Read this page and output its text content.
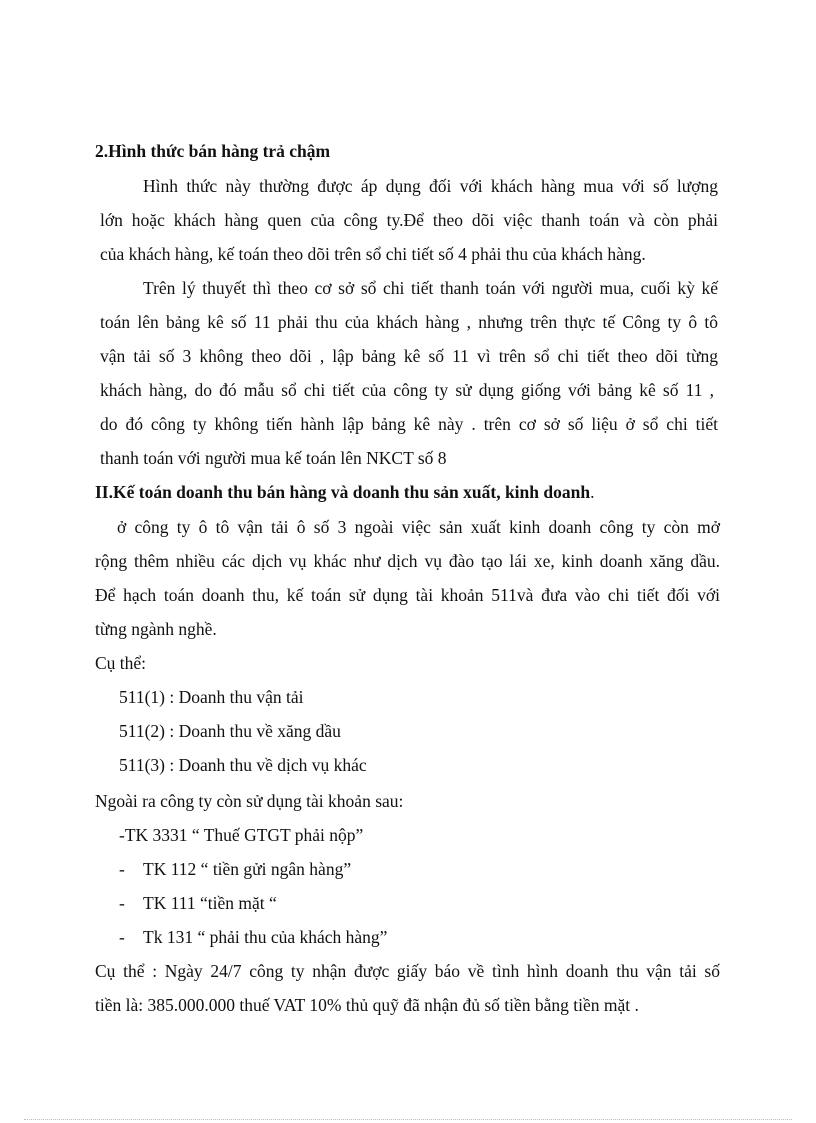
2.Hình thức bán hàng trả chậm
Hình thức này thường được áp dụng đối với khách hàng mua với số lượng
lớn hoặc khách hàng quen của công ty.Để theo dõi việc thanh toán và còn phải
của khách hàng, kế toán theo dõi trên sổ chi tiết số 4 phải thu của khách hàng.
Trên lý thuyết thì theo cơ sở sổ chi tiết thanh toán với người mua, cuối kỳ kế
toán lên bảng kê số 11 phải thu của khách hàng , nhưng trên thực tế Công ty ô tô
vận tải số 3 không theo dõi , lập bảng kê số 11 vì trên sổ chi tiết theo dõi từng
khách hàng, do đó mẫu sổ chi tiết của công ty sử dụng giống với bảng kê số 11 ,
do đó công ty không tiến hành lập bảng kê này . trên cơ sở số liệu ở sổ chi tiết
thanh toán với người mua kế toán lên NKCT số 8
II.Kế toán doanh thu bán hàng và doanh thu sản xuất, kinh doanh.
ở công ty ô tô vận tải ô số 3 ngoài việc sản xuất kinh doanh công ty còn mở
rộng thêm nhiều các dịch vụ khác như dịch vụ đào tạo lái xe, kinh doanh xăng dầu.
Để hạch toán doanh thu, kế toán sử dụng tài khoản 511và đưa vào chi tiết đối với
từng ngành nghề.
Cụ thể:
511(1) : Doanh thu vận tải
511(2) : Doanh thu về xăng dầu
511(3) : Doanh thu về dịch vụ khác
Ngoài ra công ty còn sử dụng tài khoản sau:
-TK 3331 “ Thuế GTGT phải nộp”
- TK 112 “ tiền gửi ngân hàng”
- TK 111 “tiền mặt “
- Tk 131 “ phải thu của khách hàng”
Cụ thể : Ngày 24/7 công ty nhận được giấy báo về tình hình doanh thu vận tải số
tiền là: 385.000.000 thuế VAT 10% thủ quỹ đã nhận đủ số tiền bằng tiền mặt .
